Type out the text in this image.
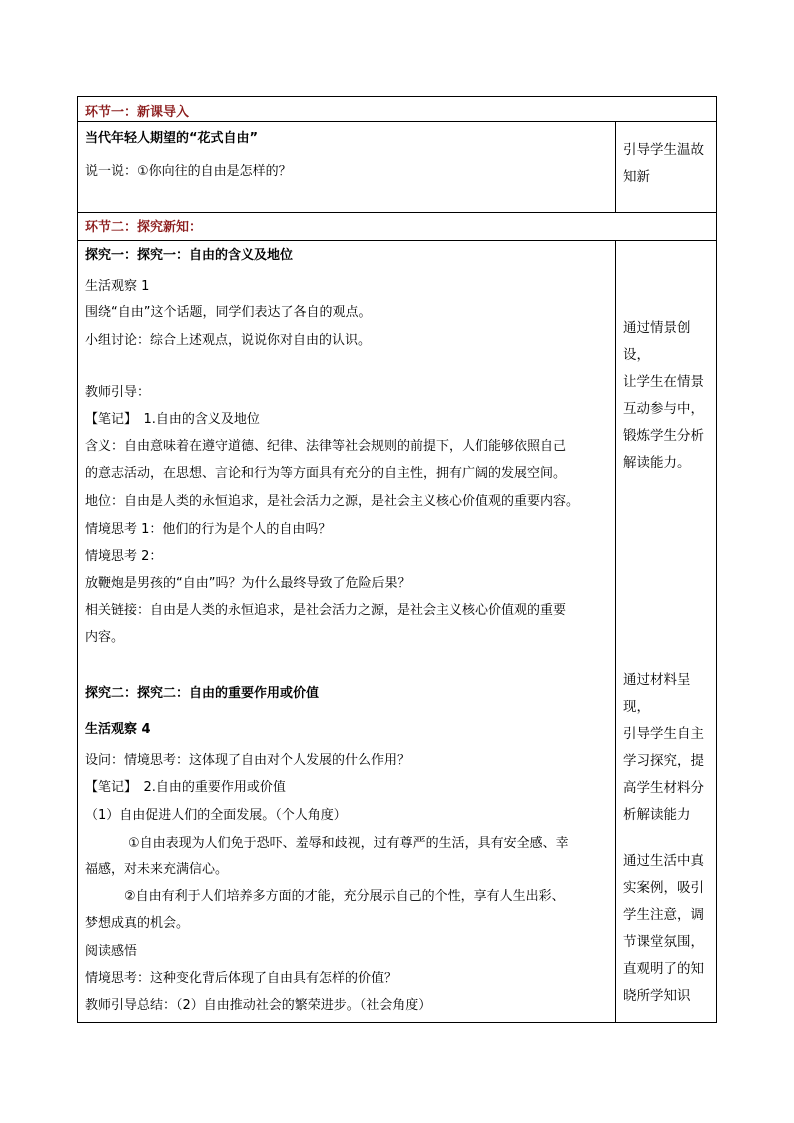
环节一：新课导入
当代年轻人期望的“花式自由”
说一说：①你向往的自由是怎样的？
引导学生温故
知新
环节二：探究新知：
探究一：探究一：自由的含义及地位
生活观察 1
围绕“自由”这个话题，同学们表达了各自的观点。
小组讨论：综合上述观点，说说你对自由的认识。
教师引导：
【笔记】　1.自由的含义及地位
含义：自由意味着在遵守道德、纪律、法律等社会规则的前提下，人们能够依照自己
的意志活动，在思想、言论和行为等方面具有充分的自主性，拥有广阔的发展空间。
地位：自由是人类的永恒追求，是社会活力之源，是社会主义核心价值观的重要内容。
情境思考 1：他们的行为是个人的自由吗？
情境思考 2：
放鞭炮是男孩的“自由”吗？为什么最终导致了危险后果？
相关链接：自由是人类的永恒追求，是社会活力之源，是社会主义核心价值观的重要
内容。
通过情景创设，
让学生在情景
互动参与中，
锻炼学生分析
解读能力。
探究二：探究二：自由的重要作用或价值
生活观察 4
设问：情境思考：这体现了自由对个人发展的什么作用？
【笔记】　2.自由的重要作用或价值
（1）自由促进人们的全面发展。（个人角度）
①自由表现为人们免于恐吓、羞辱和歧视，过有尊严的生活，具有安全感、幸
福感，对未来充满信心。
②自由有利于人们培养多方面的才能，充分展示自己的个性，享有人生出彩、
梦想成真的机会。
阅读感悟
情境思考：这种变化背后体现了自由具有怎样的价值？
教师引导总结：（2）自由推动社会的繁荣进步。（社会角度）
通过材料呈现，
引导学生自主
学习探究，提
高学生材料分
析解读能力
通过生活中真
实案例，吸引
学生注意，调
节课堂氛围，
直观明了的知
晓所学知识
